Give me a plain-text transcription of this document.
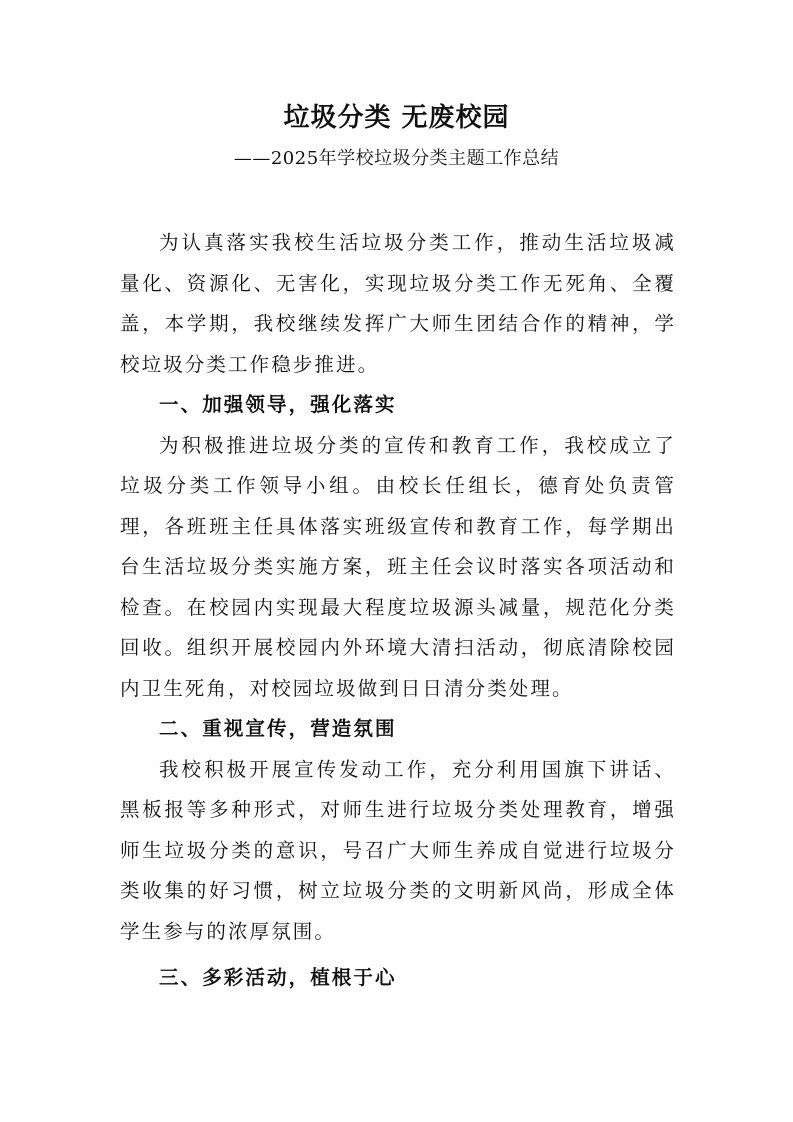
垃圾分类 无废校园
——2025年学校垃圾分类主题工作总结

为认真落实我校生活垃圾分类工作，推动生活垃圾减量化、资源化、无害化，实现垃圾分类工作无死角、全覆盖，本学期，我校继续发挥广大师生团结合作的精神，学校垃圾分类工作稳步推进。

一、加强领导，强化落实

为积极推进垃圾分类的宣传和教育工作，我校成立了垃圾分类工作领导小组。由校长任组长，德育处负责管理，各班班主任具体落实班级宣传和教育工作，每学期出台生活垃圾分类实施方案，班主任会议时落实各项活动和检查。在校园内实现最大程度垃圾源头减量，规范化分类回收。组织开展校园内外环境大清扫活动，彻底清除校园内卫生死角，对校园垃圾做到日日清分类处理。

二、重视宣传，营造氛围

我校积极开展宣传发动工作，充分利用国旗下讲话、黑板报等多种形式，对师生进行垃圾分类处理教育，增强师生垃圾分类的意识，号召广大师生养成自觉进行垃圾分类收集的好习惯，树立垃圾分类的文明新风尚，形成全体学生参与的浓厚氛围。

三、多彩活动，植根于心
